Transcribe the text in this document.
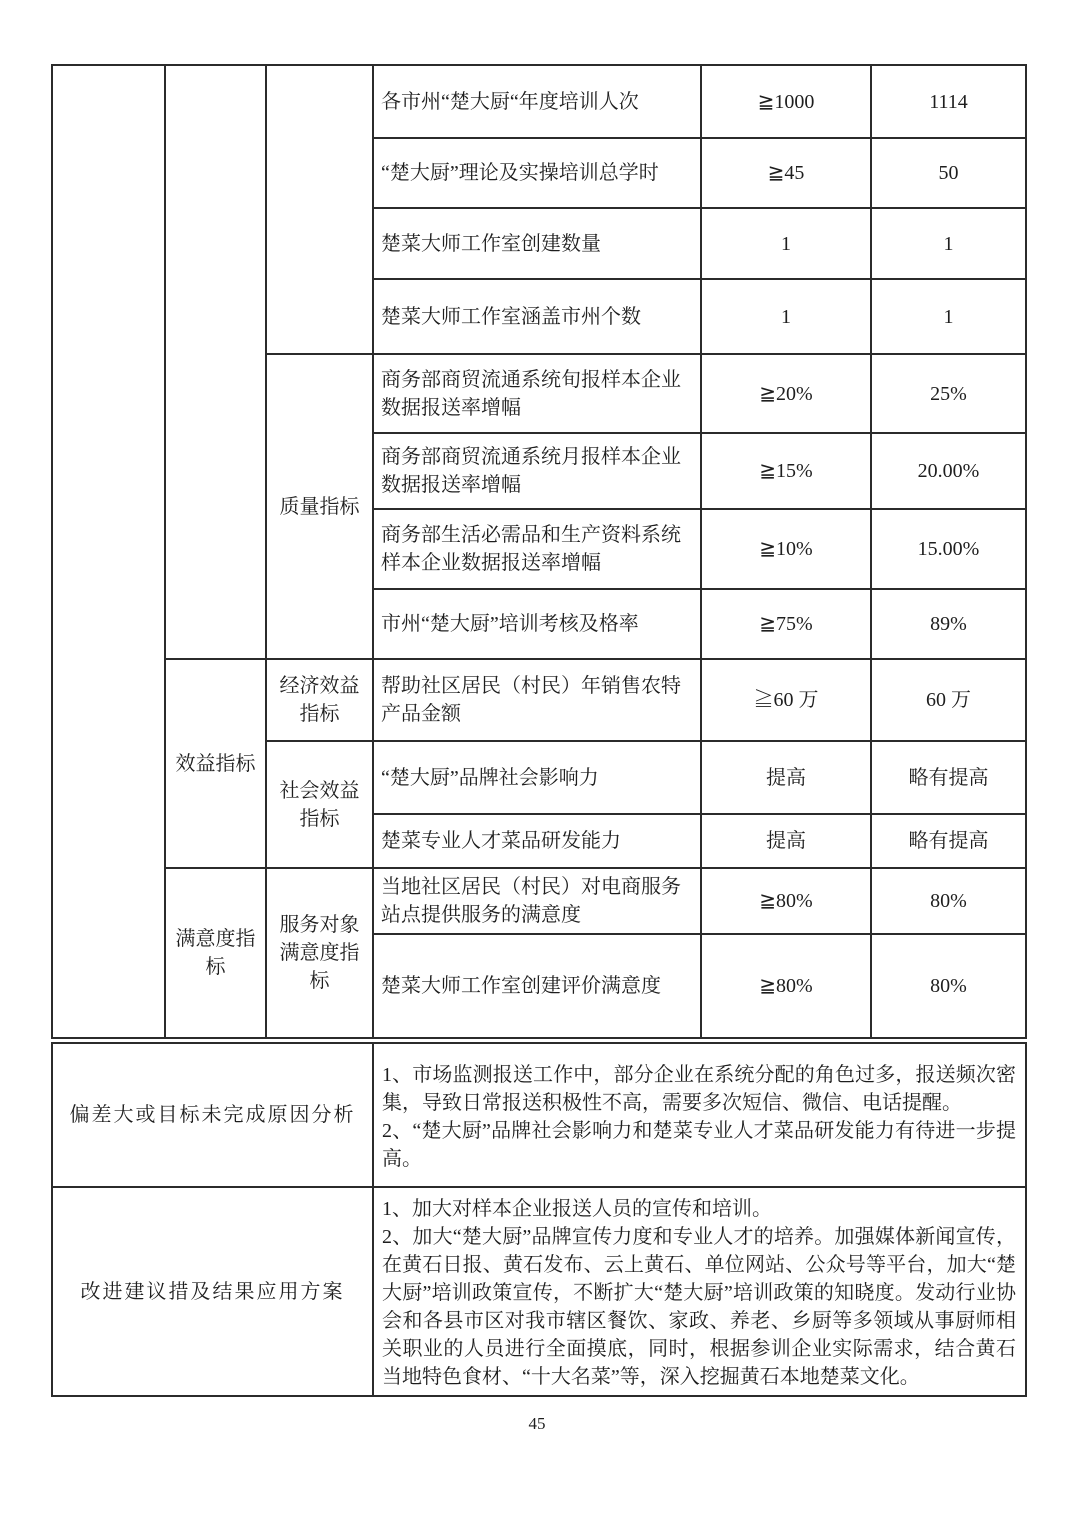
			各市州“楚大厨“年度培训人次	≧1000	1114
			“楚大厨”理论及实操培训总学时	≧45	50
			楚菜大师工作室创建数量	1	1
			楚菜大师工作室涵盖市州个数	1	1
		质量指标	商务部商贸流通系统旬报样本企业数据报送率增幅	≧20%	25%
			商务部商贸流通系统月报样本企业数据报送率增幅	≧15%	20.00%
			商务部生活必需品和生产资料系统样本企业数据报送率增幅	≧10%	15.00%
			市州“楚大厨”培训考核及格率	≧75%	89%
	效益指标	经济效益指标	帮助社区居民（村民）年销售农特产品金额	≧60 万	60 万
		社会效益指标	“楚大厨”品牌社会影响力	提高	略有提高
			楚菜专业人才菜品研发能力	提高	略有提高
	满意度指标	服务对象满意度指标	当地社区居民（村民）对电商服务站点提供服务的满意度	≧80%	80%
			楚菜大师工作室创建评价满意度	≧80%	80%
偏差大或目标未完成原因分析	1、市场监测报送工作中，部分企业在系统分配的角色过多，报送频次密集，导致日常报送积极性不高，需要多次短信、微信、电话提醒。
2、“楚大厨”品牌社会影响力和楚菜专业人才菜品研发能力有待进一步提高。
改进建议措及结果应用方案	1、加大对样本企业报送人员的宣传和培训。
2、加大“楚大厨”品牌宣传力度和专业人才的培养。加强媒体新闻宣传，在黄石日报、黄石发布、云上黄石、单位网站、公众号等平台，加大“楚大厨”培训政策宣传，不断扩大“楚大厨”培训政策的知晓度。发动行业协会和各县市区对我市辖区餐饮、家政、养老、乡厨等多领域从事厨师相关职业的人员进行全面摸底，同时，根据参训企业实际需求，结合黄石当地特色食材、“十大名菜”等，深入挖掘黄石本地楚菜文化。
45
